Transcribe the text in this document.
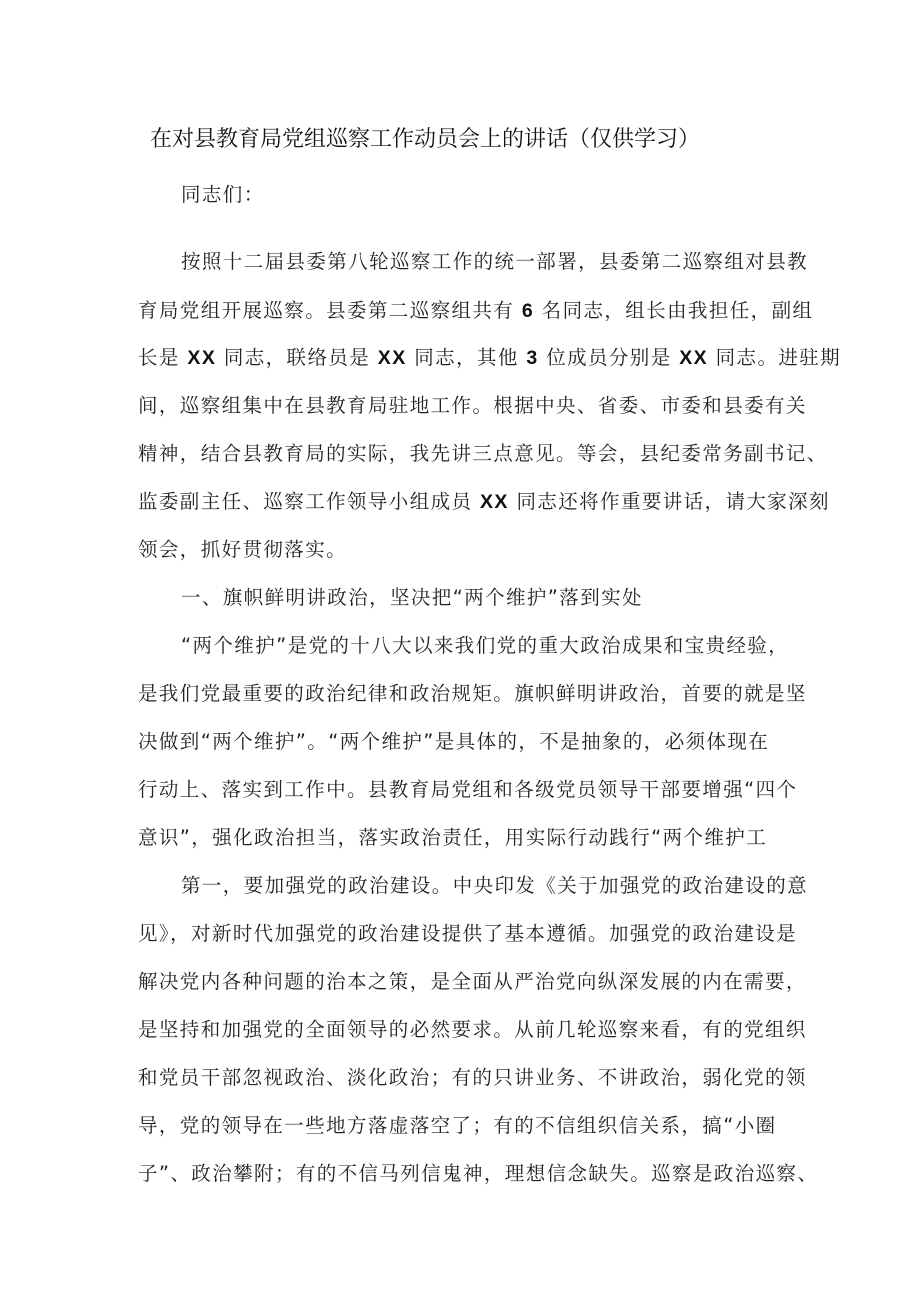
在对县教育局党组巡察工作动员会上的讲话（仅供学习）
同志们：
按照十二届县委第八轮巡察工作的统一部署，县委第二巡察组对县教
育局党组开展巡察。县委第二巡察组共有 6 名同志，组长由我担任，副组
长是 XX 同志，联络员是 XX 同志，其他 3 位成员分别是 XX 同志。进驻期
间，巡察组集中在县教育局驻地工作。根据中央、省委、市委和县委有关
精神，结合县教育局的实际，我先讲三点意见。等会，县纪委常务副书记、
监委副主任、巡察工作领导小组成员 XX 同志还将作重要讲话，请大家深刻
领会，抓好贯彻落实。
一、旗帜鲜明讲政治，坚决把“两个维护”落到实处
“两个维护”是党的十八大以来我们党的重大政治成果和宝贵经验，
是我们党最重要的政治纪律和政治规矩。旗帜鲜明讲政治，首要的就是坚
决做到“两个维护”。“两个维护”是具体的，不是抽象的，必须体现在
行动上、落实到工作中。县教育局党组和各级党员领导干部要增强“四个
意识”，强化政治担当，落实政治责任，用实际行动践行“两个维护工
第一，要加强党的政治建设。中央印发《关于加强党的政治建设的意
见》，对新时代加强党的政治建设提供了基本遵循。加强党的政治建设是
解决党内各种问题的治本之策，是全面从严治党向纵深发展的内在需要，
是坚持和加强党的全面领导的必然要求。从前几轮巡察来看，有的党组织
和党员干部忽视政治、淡化政治；有的只讲业务、不讲政治，弱化党的领
导，党的领导在一些地方落虚落空了；有的不信组织信关系，搞“小圈
子”、政治攀附；有的不信马列信鬼神，理想信念缺失。巡察是政治巡察、
